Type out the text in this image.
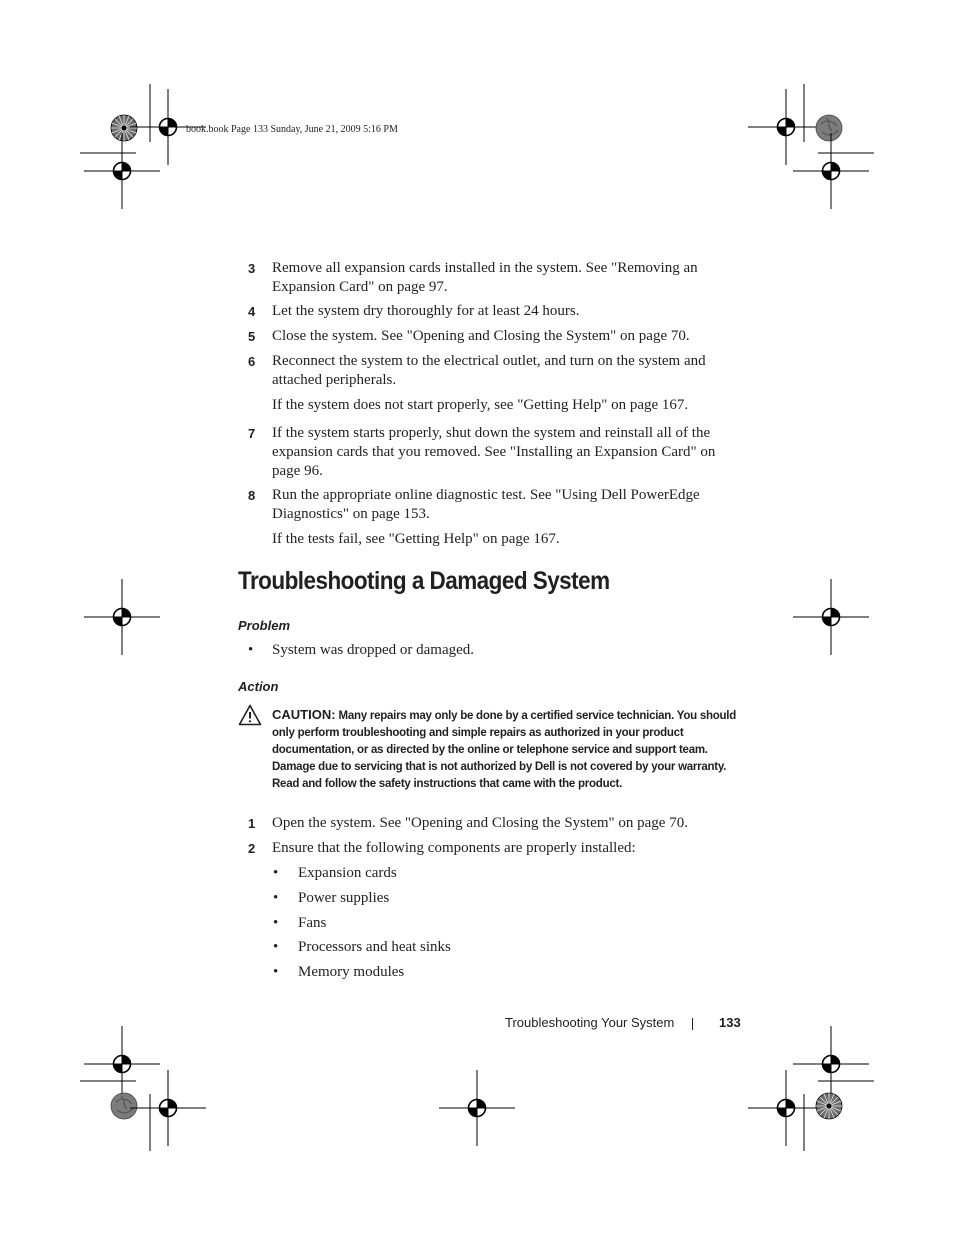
book.book Page 133 Sunday, June 21, 2009 5:16 PM
3 Remove all expansion cards installed in the system. See "Removing an Expansion Card" on page 97.
4 Let the system dry thoroughly for at least 24 hours.
5 Close the system. See "Opening and Closing the System" on page 70.
6 Reconnect the system to the electrical outlet, and turn on the system and attached peripherals.
If the system does not start properly, see "Getting Help" on page 167.
7 If the system starts properly, shut down the system and reinstall all of the expansion cards that you removed. See "Installing an Expansion Card" on page 96.
8 Run the appropriate online diagnostic test. See "Using Dell PowerEdge Diagnostics" on page 153.
If the tests fail, see "Getting Help" on page 167.
Troubleshooting a Damaged System
Problem
• System was dropped or damaged.
Action
CAUTION: Many repairs may only be done by a certified service technician. You should only perform troubleshooting and simple repairs as authorized in your product documentation, or as directed by the online or telephone service and support team. Damage due to servicing that is not authorized by Dell is not covered by your warranty. Read and follow the safety instructions that came with the product.
1 Open the system. See "Opening and Closing the System" on page 70.
2 Ensure that the following components are properly installed:
• Expansion cards
• Power supplies
• Fans
• Processors and heat sinks
• Memory modules
Troubleshooting Your System	133
